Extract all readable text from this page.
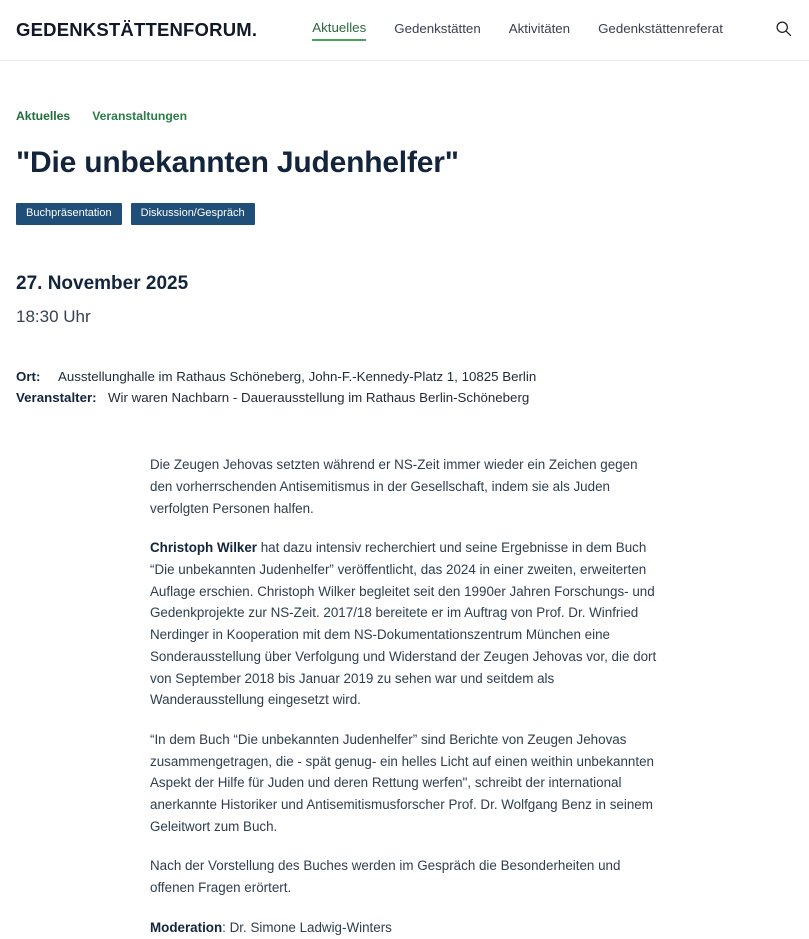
GEDENKSTÄTTENFORUM.	Aktuelles Gedenkstätten Aktivitäten Gedenkstättenreferat
Aktuelles Veranstaltungen
"Die unbekannten Judenhelfer"
Buchpräsentation	Diskussion/Gespräch
27. November 2025
18:30 Uhr
Ort:	Ausstellunghalle im Rathaus Schöneberg, John-F.-Kennedy-Platz 1, 10825 Berlin
Veranstalter: Wir waren Nachbarn - Dauerausstellung im Rathaus Berlin-Schöneberg

Die Zeugen Jehovas setzten während er NS-Zeit immer wieder ein Zeichen gegen den vorherrschenden Antisemitismus in der Gesellschaft, indem sie als Juden verfolgten Personen halfen.

Christoph Wilker hat dazu intensiv recherchiert und seine Ergebnisse in dem Buch “Die unbekannten Judenhelfer” veröffentlicht, das 2024 in einer zweiten, erweiterten Auflage erschien. Christoph Wilker begleitet seit den 1990er Jahren Forschungs- und Gedenkprojekte zur NS-Zeit. 2017/18 bereitete er im Auftrag von Prof. Dr. Winfried Nerdinger in Kooperation mit dem NS-Dokumentationszentrum München eine Sonderausstellung über Verfolgung und Widerstand der Zeugen Jehovas vor, die dort von September 2018 bis Januar 2019 zu sehen war und seitdem als Wanderausstellung eingesetzt wird.

“In dem Buch “Die unbekannten Judenhelfer” sind Berichte von Zeugen Jehovas zusammengetragen, die - spät genug- ein helles Licht auf einen weithin unbekannten Aspekt der Hilfe für Juden und deren Rettung werfen", schreibt der international anerkannte Historiker und Antisemitismusforscher Prof. Dr. Wolfgang Benz in seinem Geleitwort zum Buch.

Nach der Vorstellung des Buches werden im Gespräch die Besonderheiten und offenen Fragen erörtert.

Moderation: Dr. Simone Ladwig-Winters
